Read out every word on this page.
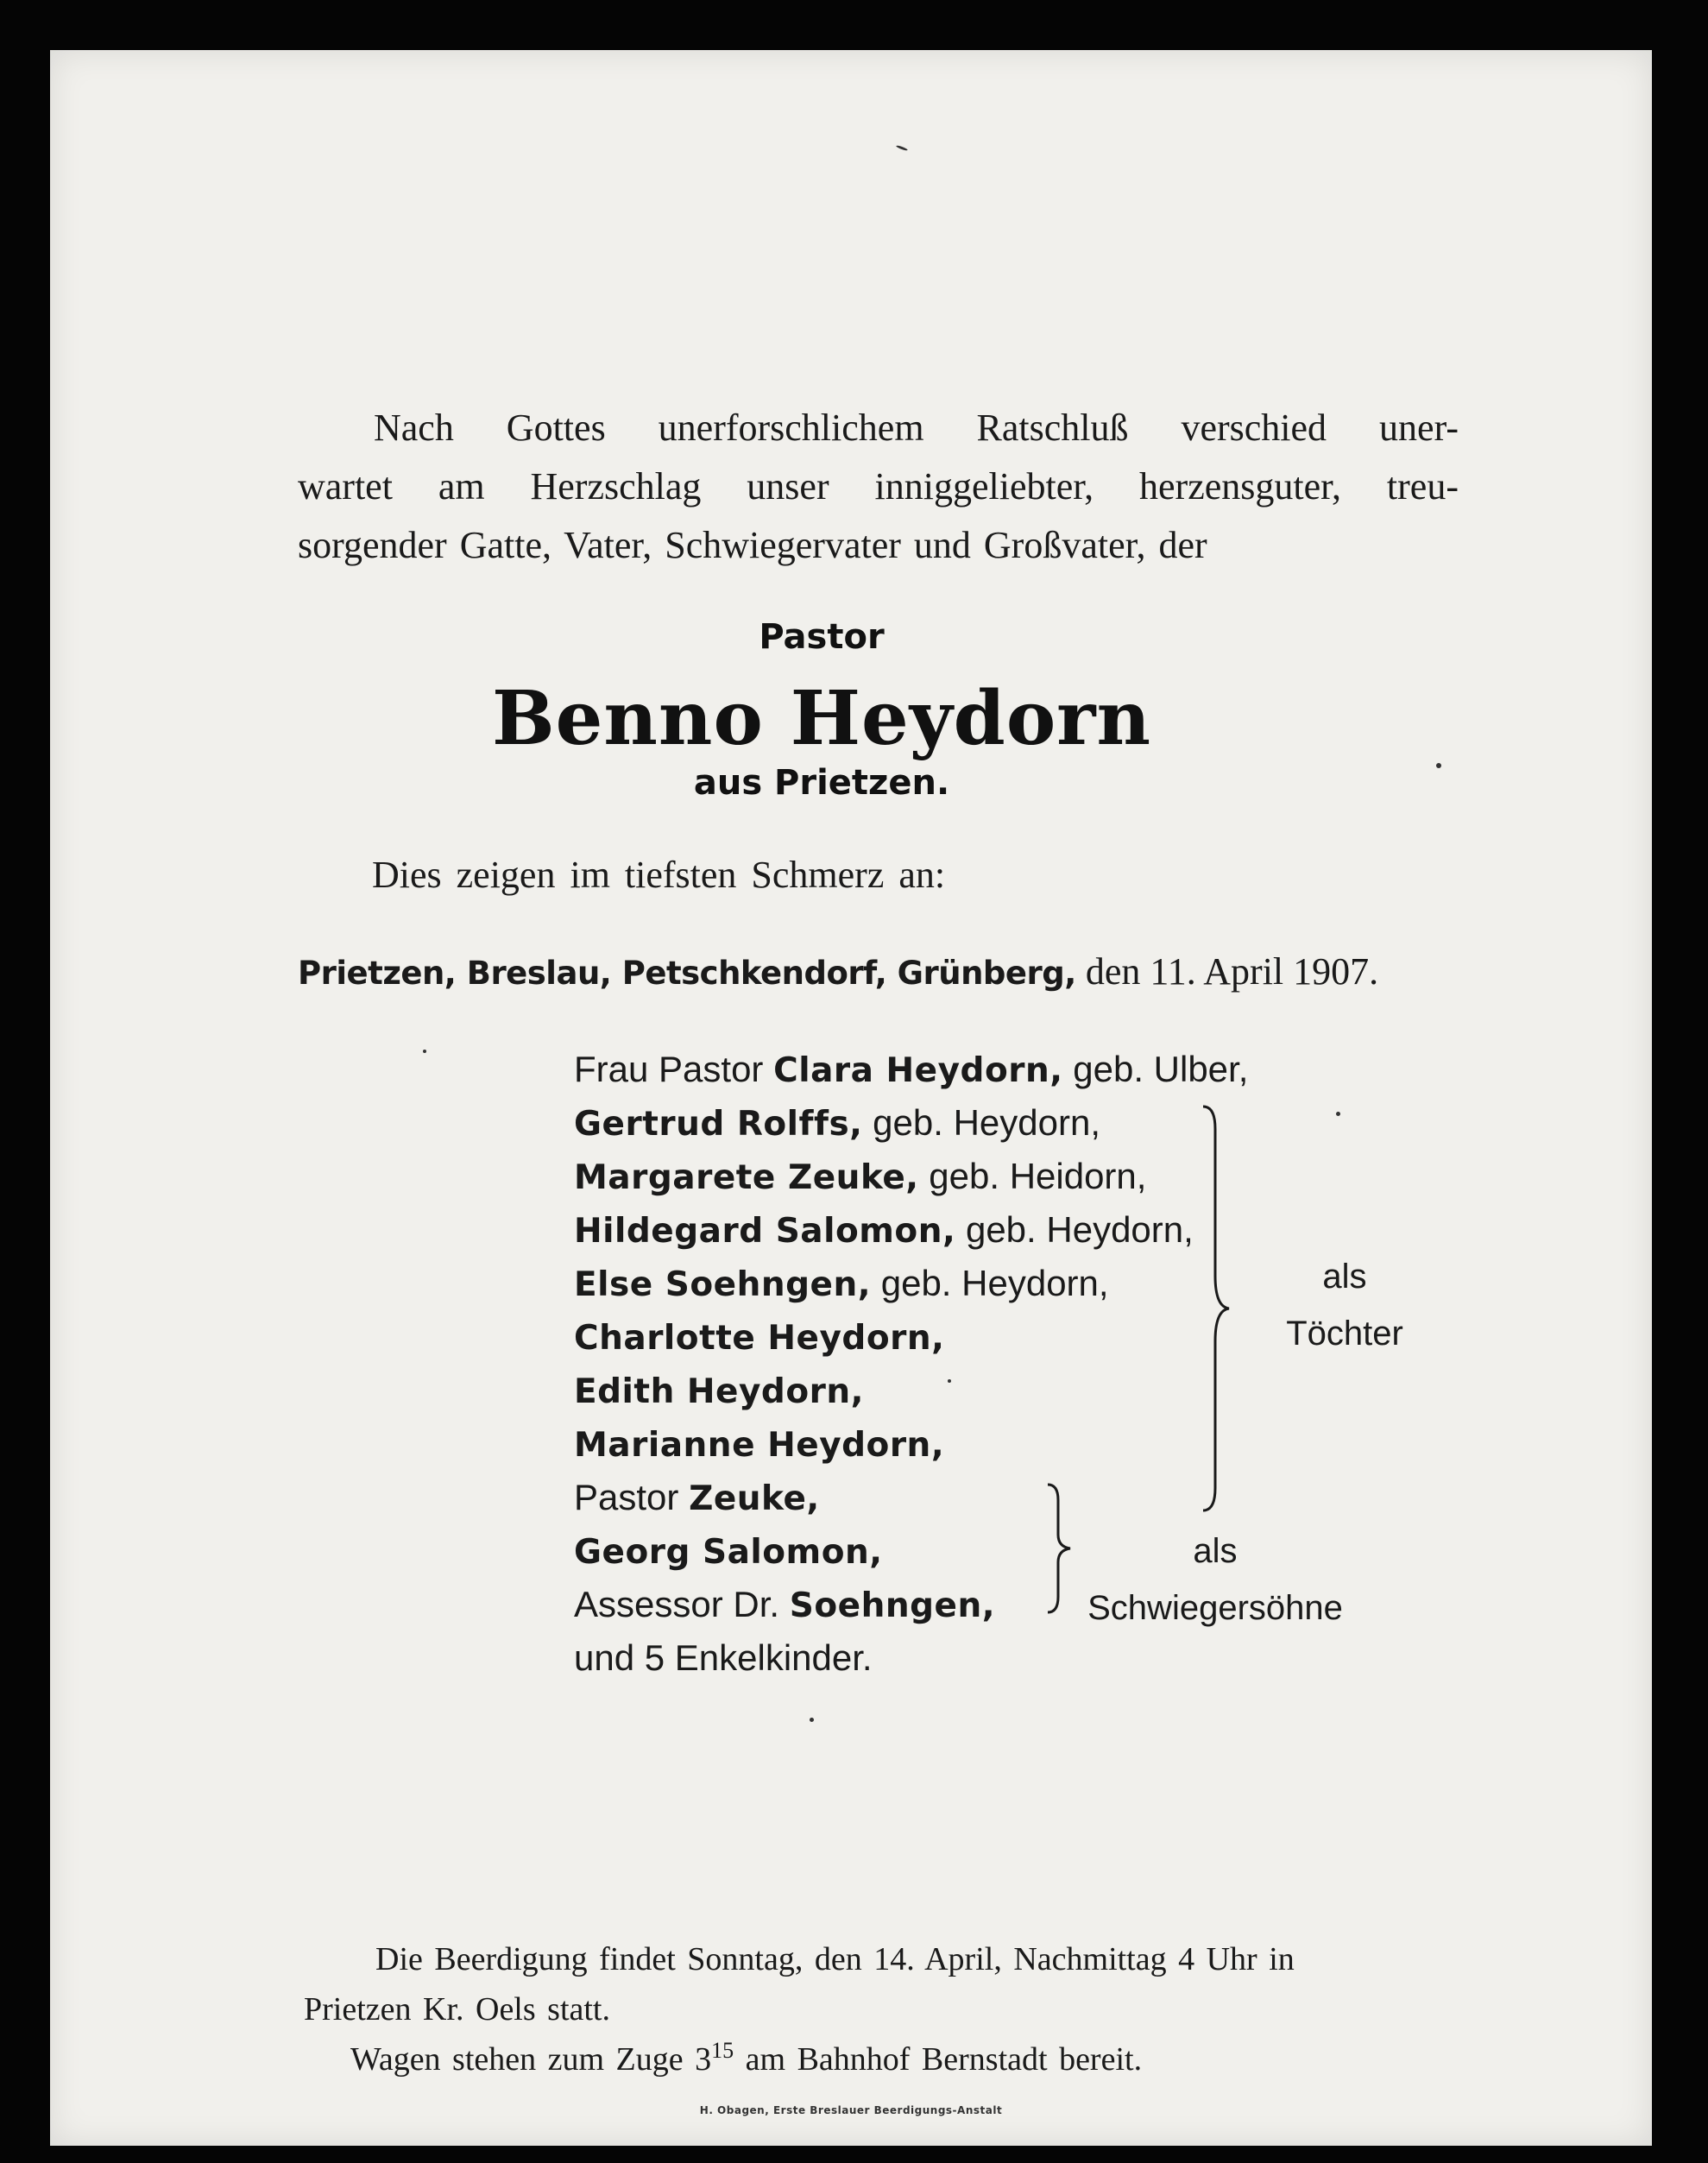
Nach Gottes unerforschlichem Ratschluß verschied uner-
wartet am Herzschlag unser inniggeliebter, herzensguter, treu-
sorgender Gatte, Vater, Schwiegervater und Großvater, der
Pastor
Benno Heydorn
aus Prietzen.
Dies zeigen im tiefsten Schmerz an:
Prietzen, Breslau, Petschkendorf, Grünberg, den 11. April 1907.
Frau Pastor Clara Heydorn, geb. Ulber,
Gertrud Rolffs, geb. Heydorn,
Margarete Zeuke, geb. Heidorn,
Hildegard Salomon, geb. Heydorn,
Else Soehngen, geb. Heydorn,
Charlotte Heydorn,
Edith Heydorn,
Marianne Heydorn,
Pastor Zeuke,
Georg Salomon,
Assessor Dr. Soehngen,
und 5 Enkelkinder.
als
Töchter
als
Schwiegersöhne
Die Beerdigung findet Sonntag, den 14. April, Nachmittag 4 Uhr in
Prietzen Kr. Oels statt.
Wagen stehen zum Zuge $3^{15}$ am Bahnhof Bernstadt bereit.
H. Obagen, Erste Breslauer Beerdigungs-Anstalt
